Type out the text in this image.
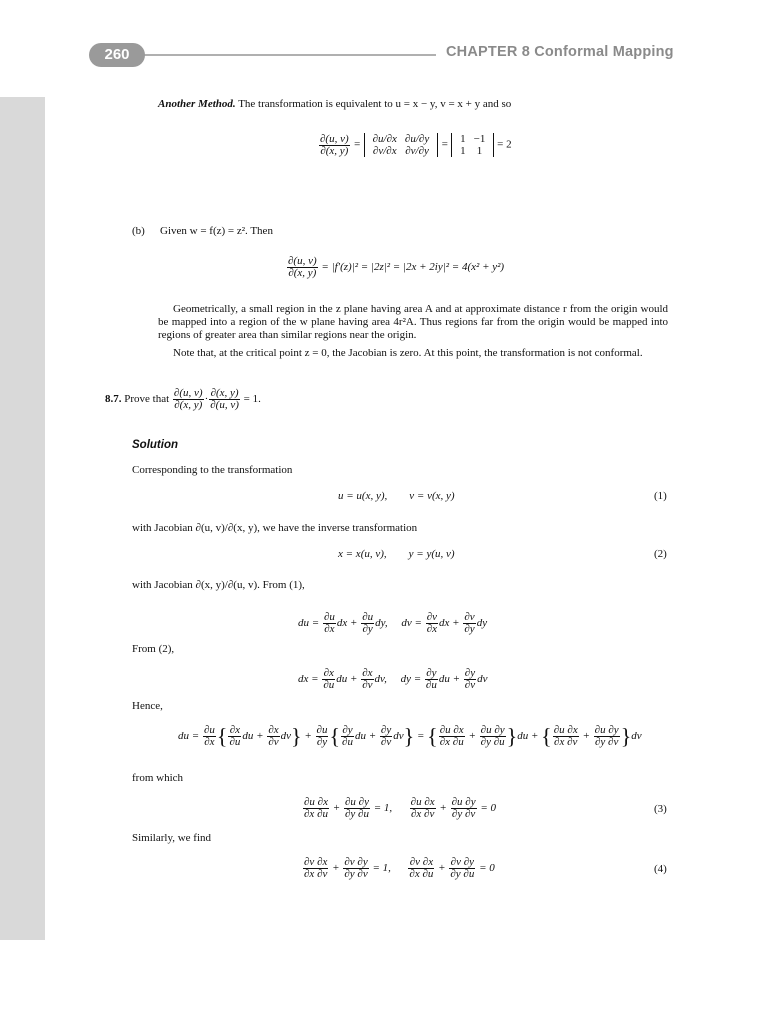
260	CHAPTER 8 Conformal Mapping
Another Method. The transformation is equivalent to u = x − y, v = x + y and so
$\frac{\partial(u, v)}{\partial(x, y)} = \partial u/\partial x$	∂u/∂y
∂v/∂x	∂v/∂y
= 1	−1
1	1
= 2
(b) Given w = f(z) = z². Then
$\frac{\partial(u, v)}{\partial(x, y)} = |f'(z)|^2 = |2z|^2 = |2x + 2iy|^2 = 4(x^2 + y^2)$
Geometrically, a small region in the z plane having area A and at approximate distance r from the origin would be mapped into a region of the w plane having area 4r²A. Thus regions far from the origin would be mapped into regions of greater area than similar regions near the origin.
Note that, at the critical point z = 0, the Jacobian is zero. At this point, the transformation is not conformal.
8.7. Prove that $\frac{\partial(u, v)}{\partial(x, y)} \cdot \frac{\partial(x, y)}{\partial(u, v)} = 1$.
Solution
Corresponding to the transformation
u = u(x, y),        v = v(x, y)	(1)
with Jacobian ∂(u, v)/∂(x, y), we have the inverse transformation
x = x(u, v),        y = y(u, v)	(2)
with Jacobian ∂(x, y)/∂(u, v). From (1),
du = $\frac{\partial u}{\partial x}$ dx + $\frac{\partial u}{\partial y}$ dy,     dv = $\frac{\partial v}{\partial x}$ dx + $\frac{\partial v}{\partial y}$ dy
From (2),
dx = $\frac{\partial x}{\partial u}$ du + $\frac{\partial x}{\partial v}$ dv,     dy = $\frac{\partial y}{\partial u}$ du + $\frac{\partial y}{\partial v}$ dv
Hence,
du = $\frac{\partial u}{\partial x}$ { $\frac{\partial x}{\partial u}$ du + $\frac{\partial x}{\partial v} dv\} + \frac{\partial u}{\partial y}$ { $\frac{\partial y}{\partial u}$ du + $\frac{\partial y}{\partial v} dv$} = { $\frac{\partial u \partial x}{\partial x \partial u} + \frac{\partial u \partial y}{\partial y \partial u} \}du$ + { $\frac{\partial u \partial x}{\partial x \partial v} + \frac{\partial u \partial y}{\partial y \partial v} \}dv$
from which
$\frac{\partial u \partial x}{\partial x \partial u} + \frac{\partial u \partial y}{\partial y \partial u} = 1$, $\frac{\partial u \partial x}{\partial x \partial v} + \frac{\partial u \partial y}{\partial y \partial v} = 0$	(3)
Similarly, we find
$\frac{\partial v \partial x}{\partial x \partial v} + \frac{\partial v \partial y}{\partial y \partial v} = 1$, $\frac{\partial v \partial x}{\partial x \partial u} + \frac{\partial v \partial y}{\partial y \partial u} = 0$	(4)
